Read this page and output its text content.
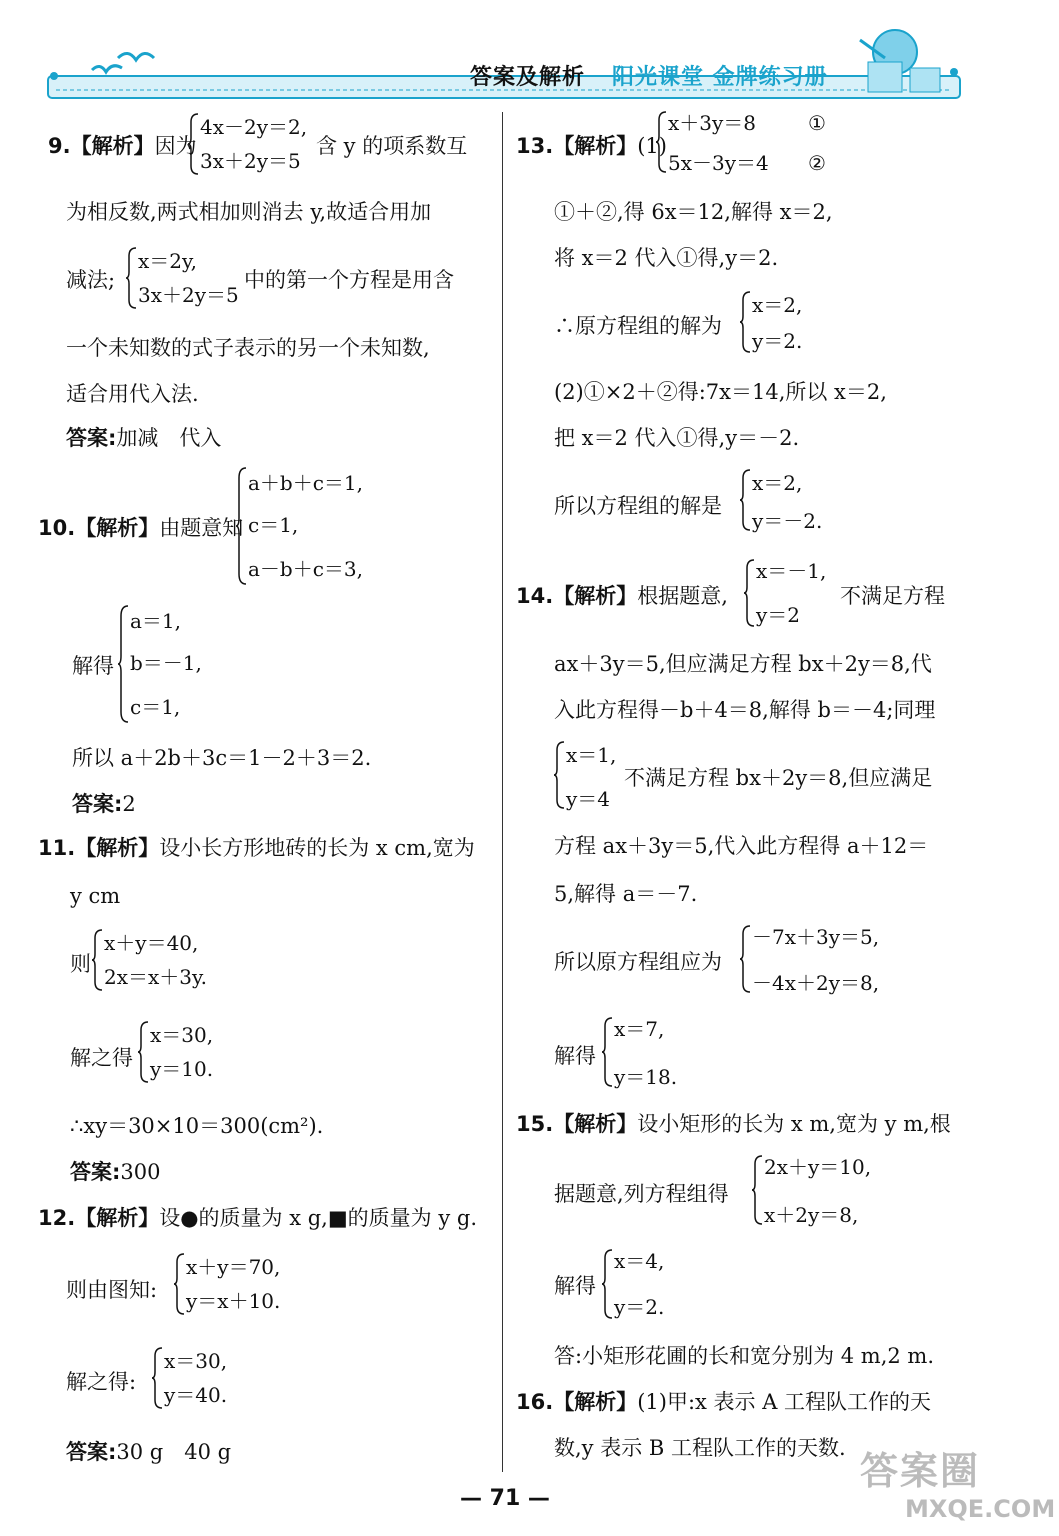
答案及解析 阳光课堂 金牌练习册
9.【解析】因为
4x－2y＝2,
3x＋2y＝5
含 y 的项系数互
为相反数,两式相加则消去 y,故适合用加
减法;
x＝2y,
3x＋2y＝5
中的第一个方程是用含
一个未知数的式子表示的另一个未知数,
适合用代入法.
答案:加减　代入
10.【解析】由题意知
a＋b＋c＝1,
c＝1,
a－b＋c＝3,
解得
a＝1,
b＝－1,
c＝1,
所以 a＋2b＋3c＝1－2＋3＝2.
答案:2
11.【解析】设小长方形地砖的长为 x cm,宽为
y cm
则
x＋y＝40,
2x＝x＋3y.
解之得
x＝30,
y＝10.
∴xy＝30×10＝300(cm²).
答案:300
12.【解析】设●的质量为 x g,■的质量为 y g.
则由图知:
x＋y＝70,
y＝x＋10.
解之得:
x＝30,
y＝40.
答案:30 g　40 g
13.【解析】(1)
x＋3y＝8
5x－3y＝4
①
②
①＋②,得 6x＝12,解得 x＝2,
将 x＝2 代入①得,y＝2.
∴原方程组的解为
x＝2,
y＝2.
(2)①×2＋②得:7x＝14,所以 x＝2,
把 x＝2 代入①得,y＝－2.
所以方程组的解是
x＝2,
y＝－2.
14.【解析】根据题意,
x＝－1,
y＝2
不满足方程
ax＋3y＝5,但应满足方程 bx＋2y＝8,代
入此方程得－b＋4＝8,解得 b＝－4;同理
x＝1,
y＝4
不满足方程 bx＋2y＝8,但应满足
方程 ax＋3y＝5,代入此方程得 a＋12＝
5,解得 a＝－7.
所以原方程组应为
－7x＋3y＝5,
－4x＋2y＝8,
解得
x＝7,
y＝18.
15.【解析】设小矩形的长为 x m,宽为 y m,根
据题意,列方程组得
2x＋y＝10,
x＋2y＝8,
解得
x＝4,
y＝2.
答:小矩形花圃的长和宽分别为 4 m,2 m.
16.【解析】(1)甲:x 表示 A 工程队工作的天
数,y 表示 B 工程队工作的天数.
— 71 —
答案圈
MXQE.COM
